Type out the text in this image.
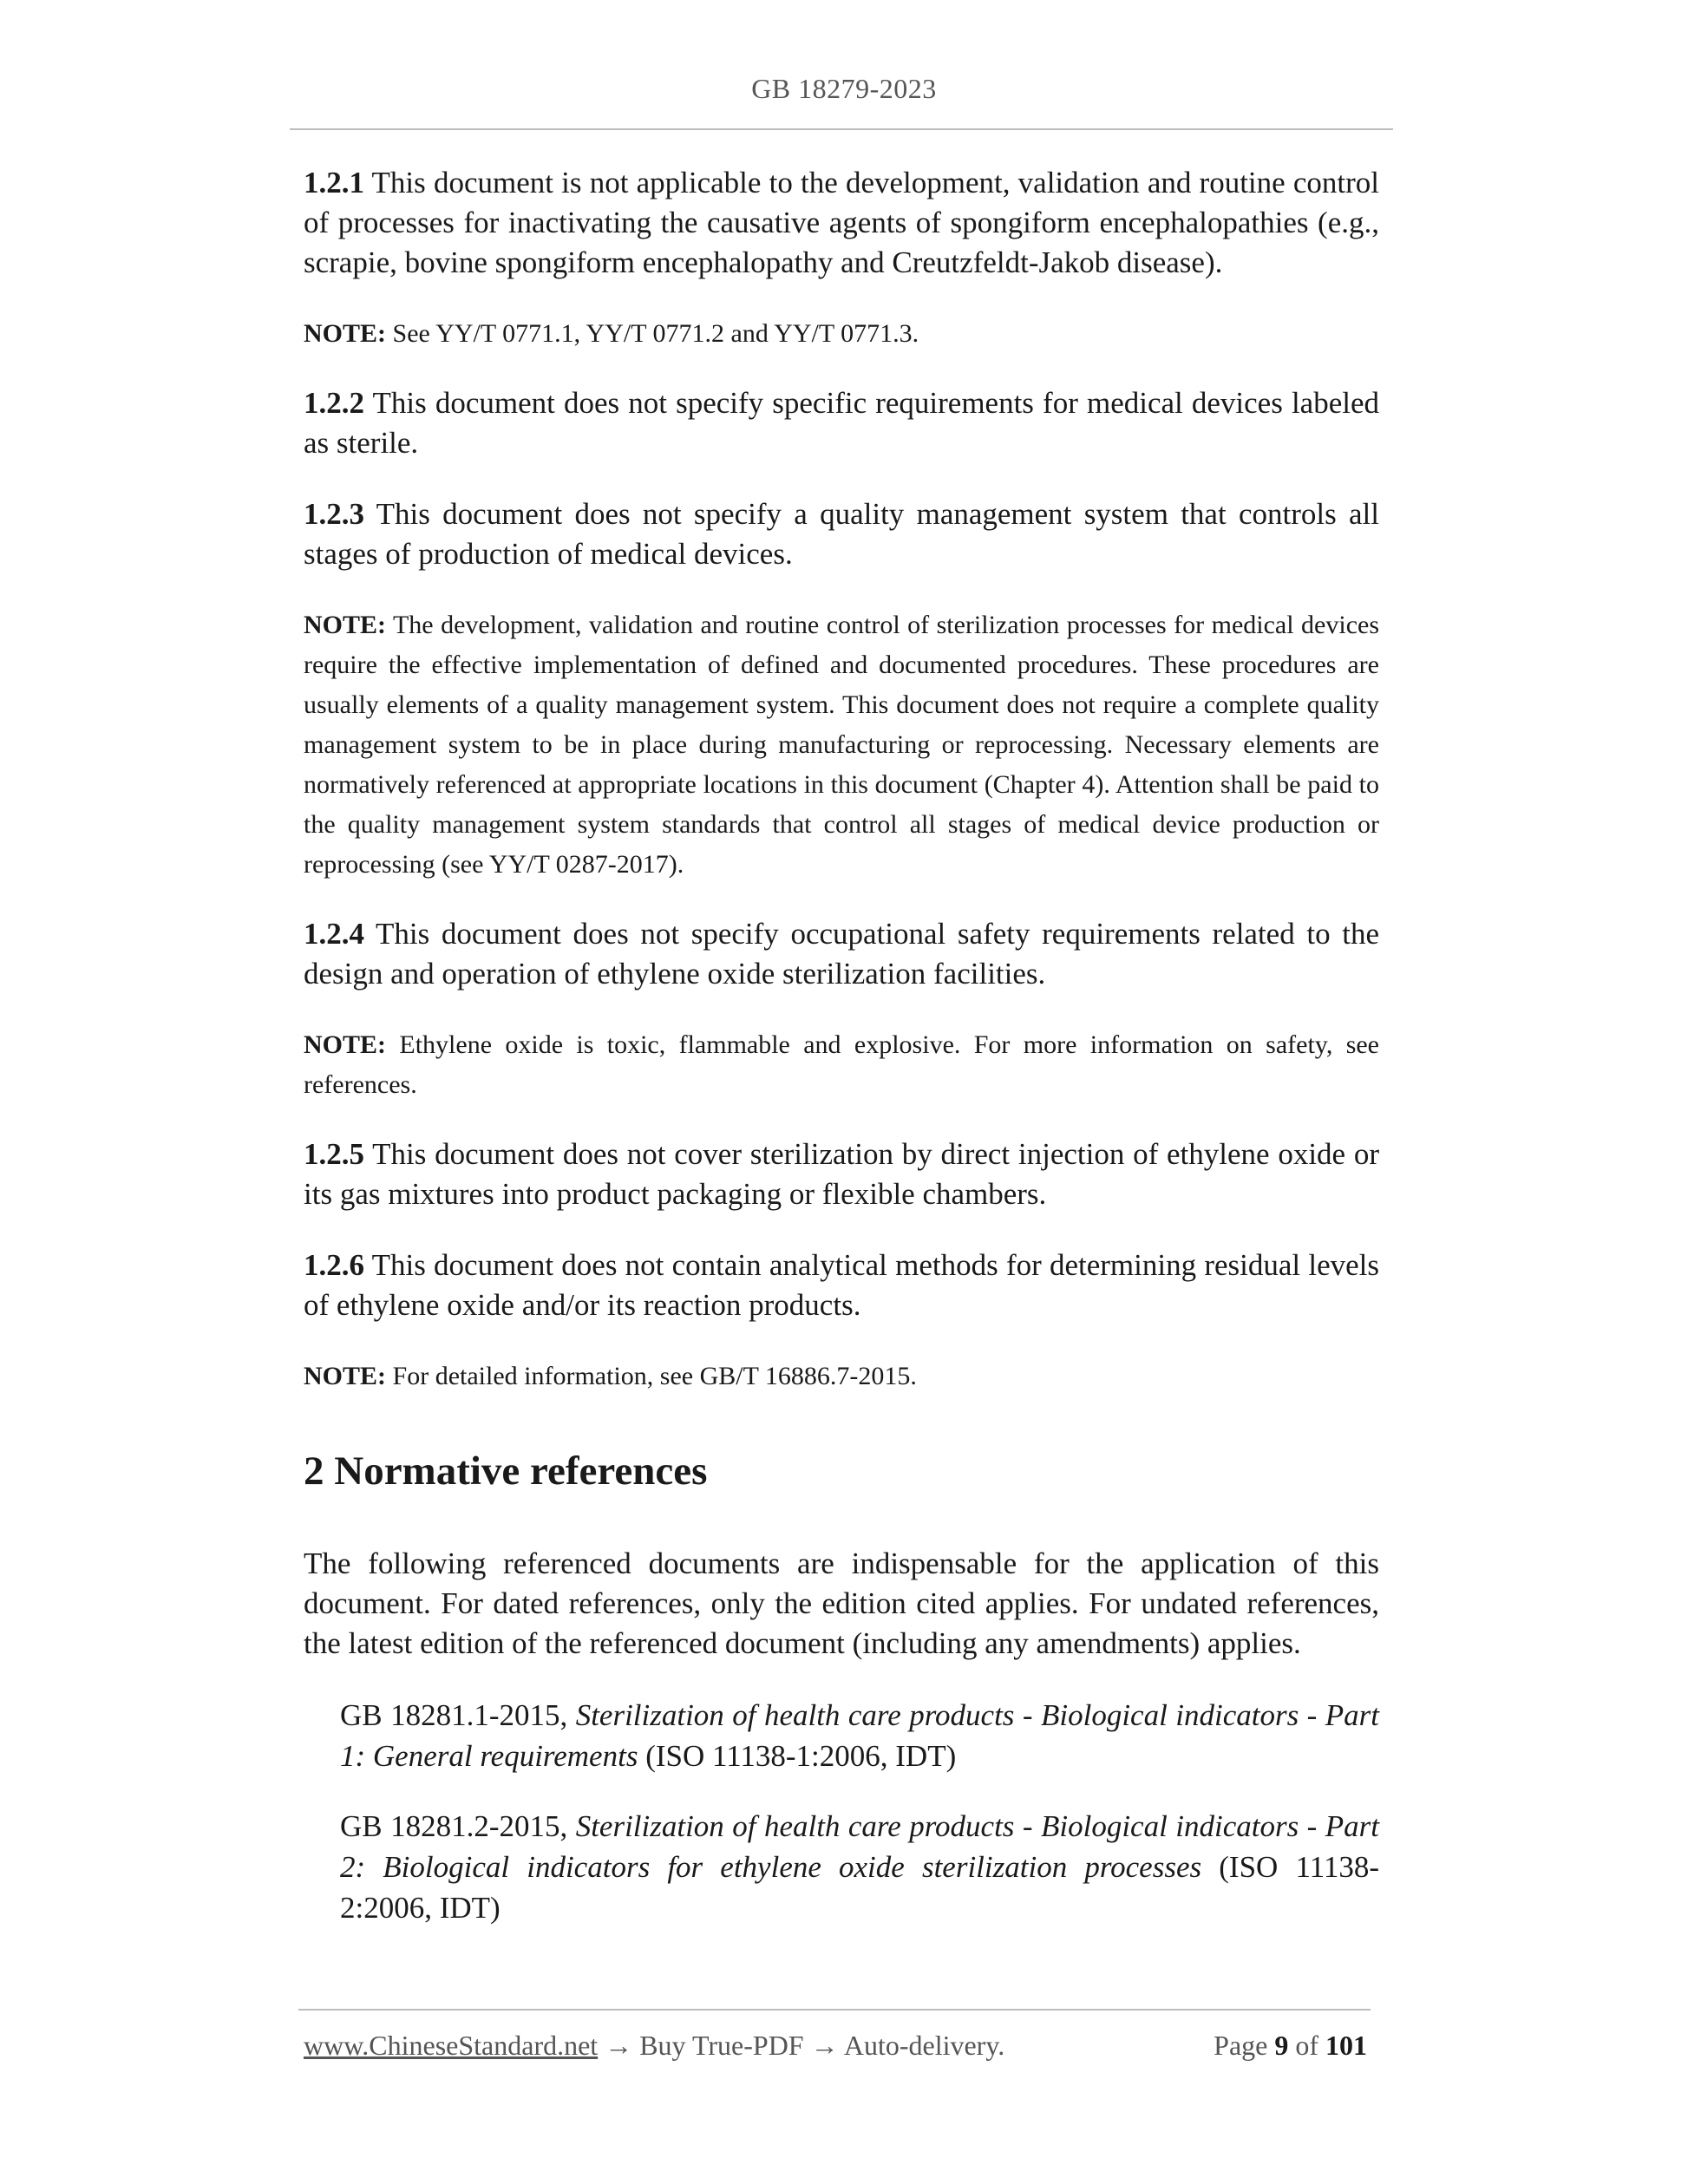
GB 18279-2023

1.2.1 This document is not applicable to the development, validation and routine control of processes for inactivating the causative agents of spongiform encephalopathies (e.g., scrapie, bovine spongiform encephalopathy and Creutzfeldt-Jakob disease).

NOTE: See YY/T 0771.1, YY/T 0771.2 and YY/T 0771.3.

1.2.2 This document does not specify specific requirements for medical devices labeled as sterile.

1.2.3 This document does not specify a quality management system that controls all stages of production of medical devices.

NOTE: The development, validation and routine control of sterilization processes for medical devices require the effective implementation of defined and documented procedures. These procedures are usually elements of a quality management system. This document does not require a complete quality management system to be in place during manufacturing or reprocessing. Necessary elements are normatively referenced at appropriate locations in this document (Chapter 4). Attention shall be paid to the quality management system standards that control all stages of medical device production or reprocessing (see YY/T 0287-2017).

1.2.4 This document does not specify occupational safety requirements related to the design and operation of ethylene oxide sterilization facilities.

NOTE: Ethylene oxide is toxic, flammable and explosive. For more information on safety, see references.

1.2.5 This document does not cover sterilization by direct injection of ethylene oxide or its gas mixtures into product packaging or flexible chambers.

1.2.6 This document does not contain analytical methods for determining residual levels of ethylene oxide and/or its reaction products.

NOTE: For detailed information, see GB/T 16886.7-2015.

2 Normative references

The following referenced documents are indispensable for the application of this document. For dated references, only the edition cited applies. For undated references, the latest edition of the referenced document (including any amendments) applies.

GB 18281.1-2015, Sterilization of health care products - Biological indicators - Part 1: General requirements (ISO 11138-1:2006, IDT)

GB 18281.2-2015, Sterilization of health care products - Biological indicators - Part 2: Biological indicators for ethylene oxide sterilization processes (ISO 11138-2:2006, IDT)

www.ChineseStandard.net → Buy True-PDF → Auto-delivery.	Page 9 of 101
